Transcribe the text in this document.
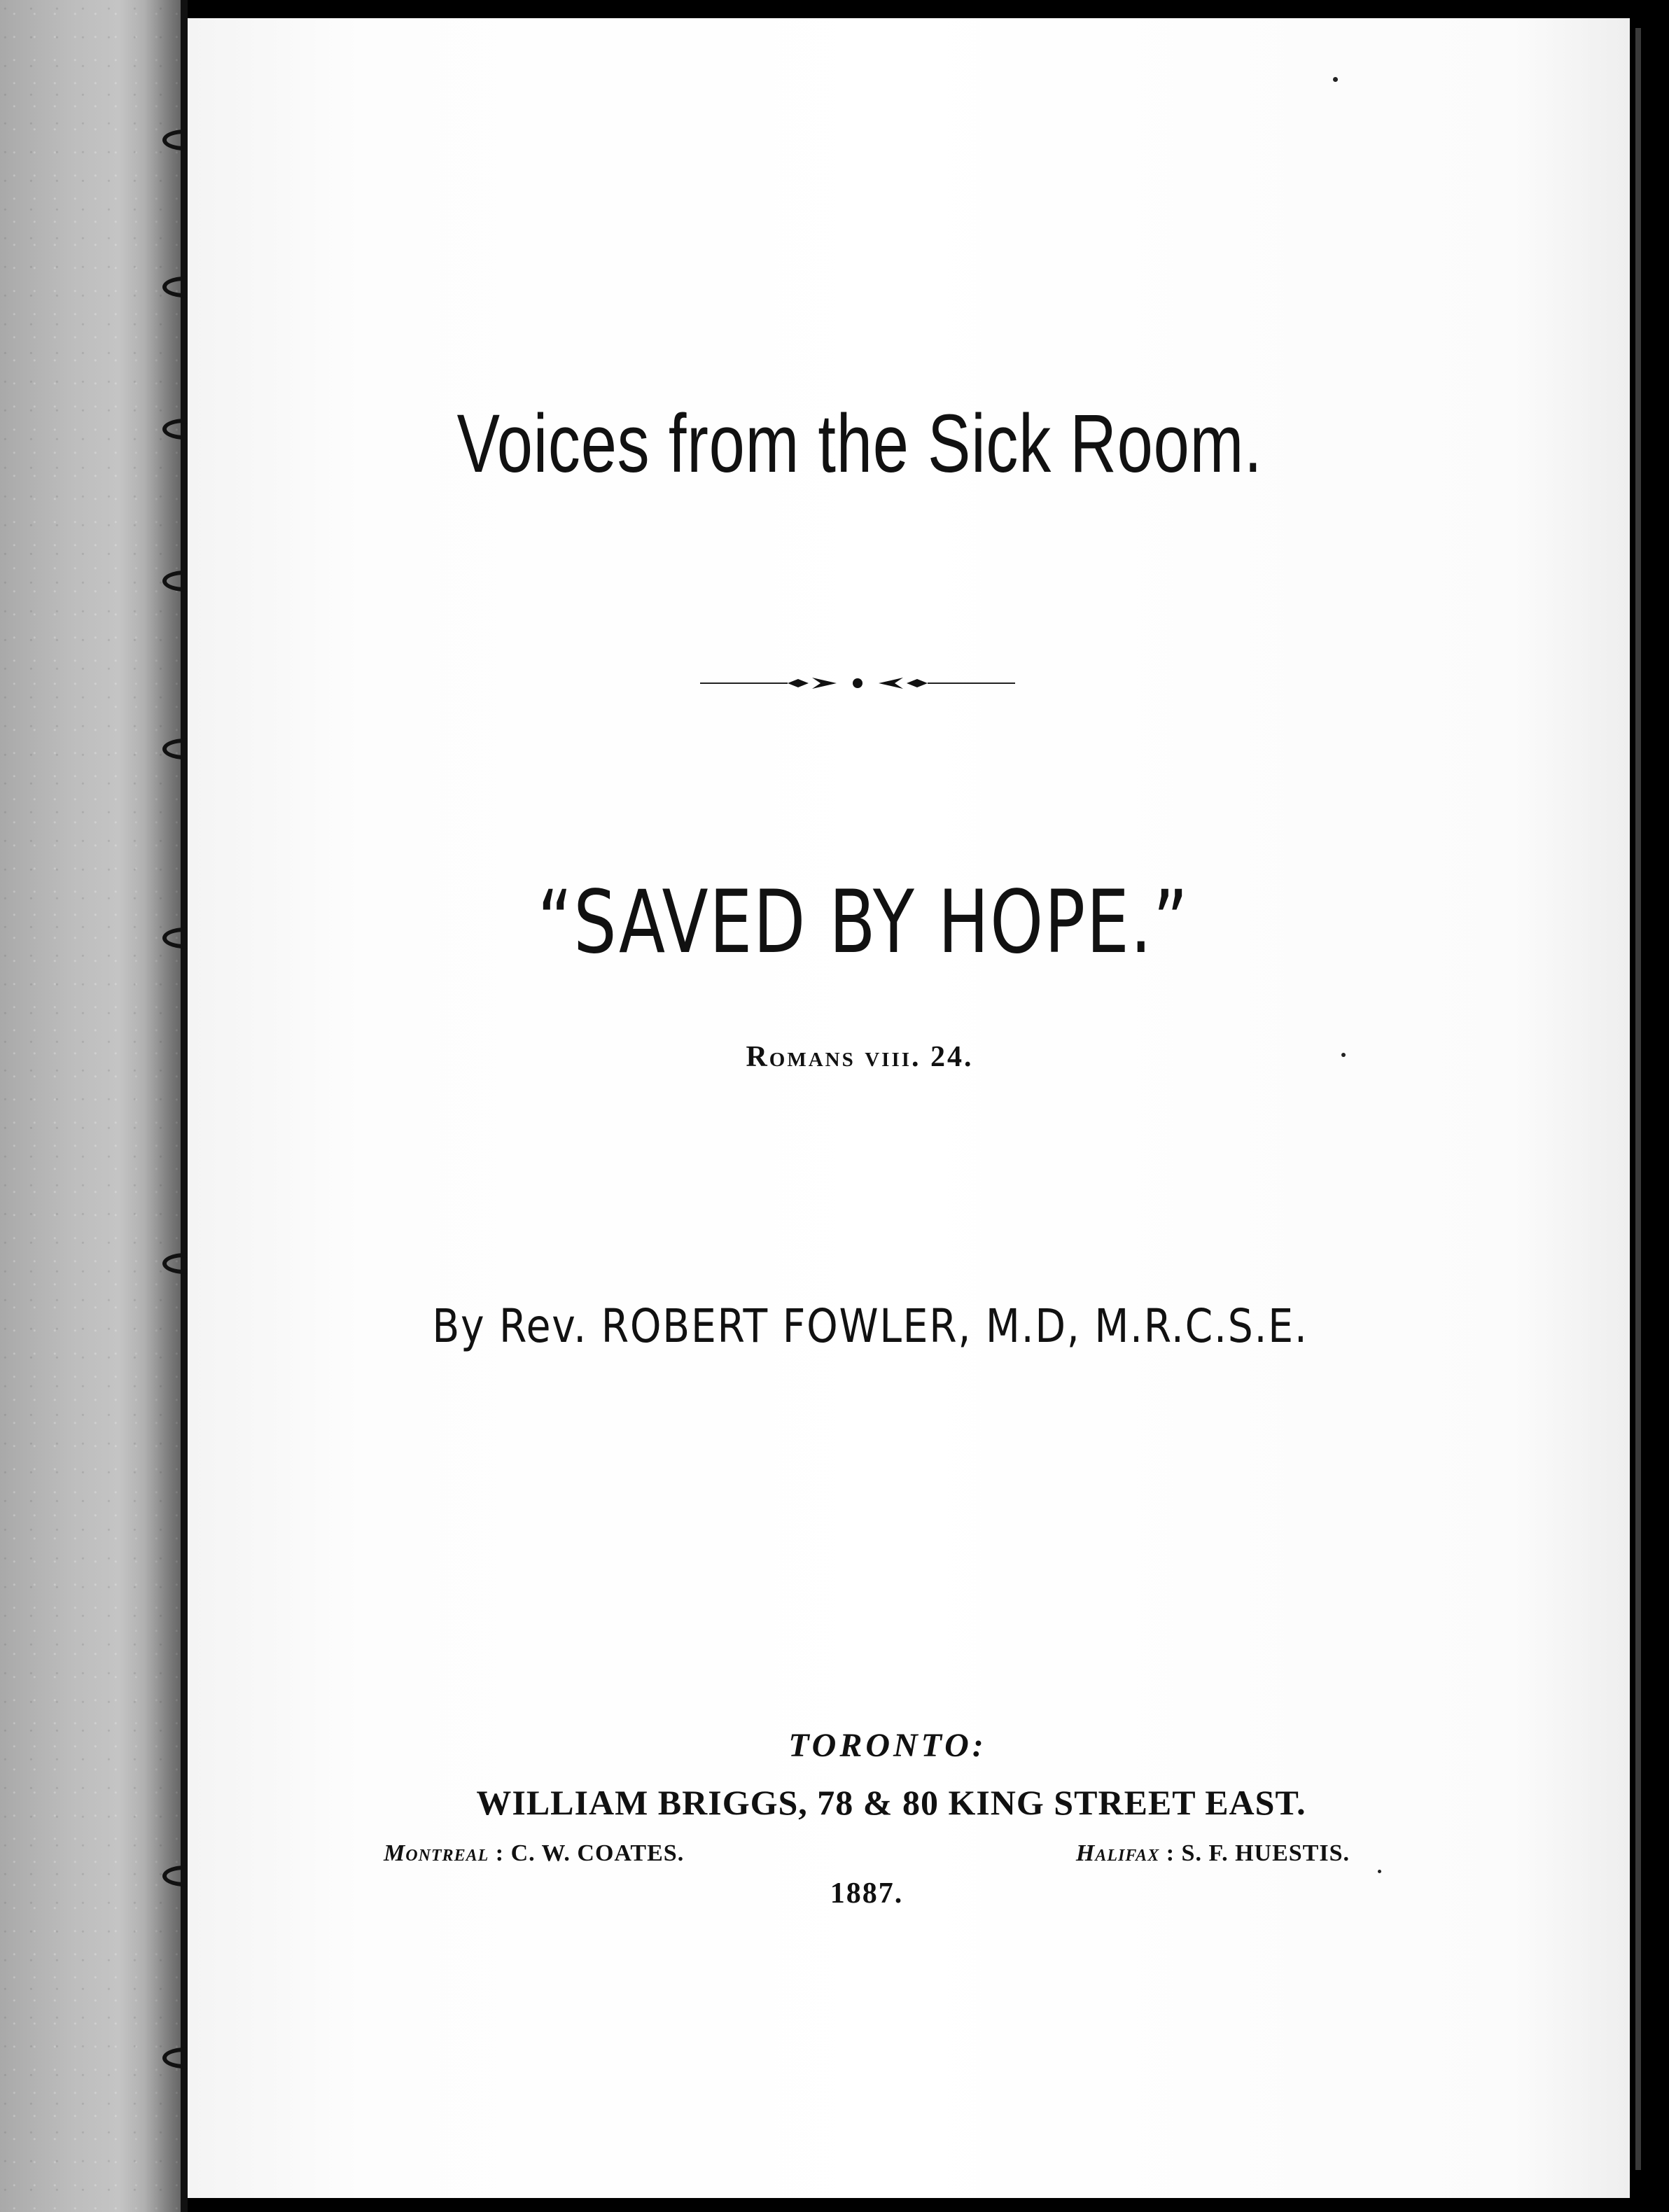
Voices from the Sick Room.
“SAVED BY HOPE.”
Romans viii. 24.
By Rev. ROBERT FOWLER, M.D, M.R.C.S.E.
TORONTO:
WILLIAM BRIGGS, 78 & 80 KING STREET EAST.
Montreal : C. W. COATES.	Halifax : S. F. HUESTIS.
1887.
